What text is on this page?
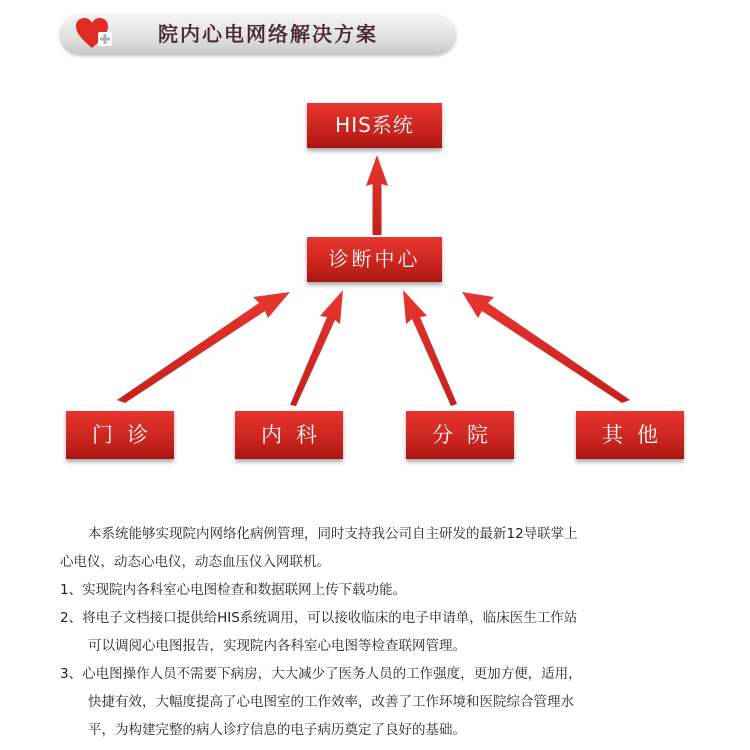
院内心电网络解决方案
HIS系统
诊断中心
门诊	内科	分院	其他

本系统能够实现院内网络化病例管理，同时支持我公司自主研发的最新12导联掌上

心电仪，动态心电仪，动态血压仪入网联机。

1、实现院内各科室心电图检查和数据联网上传下载功能。

2、将电子文档接口提供给HIS系统调用，可以接收临床的电子申请单，临床医生工作站

可以调阅心电图报告，实现院内各科室心电图等检查联网管理。

3、心电图操作人员不需要下病房，大大减少了医务人员的工作强度，更加方便，适用，

快捷有效，大幅度提高了心电图室的工作效率，改善了工作环境和医院综合管理水

平，为构建完整的病人诊疗信息的电子病历奠定了良好的基础。
